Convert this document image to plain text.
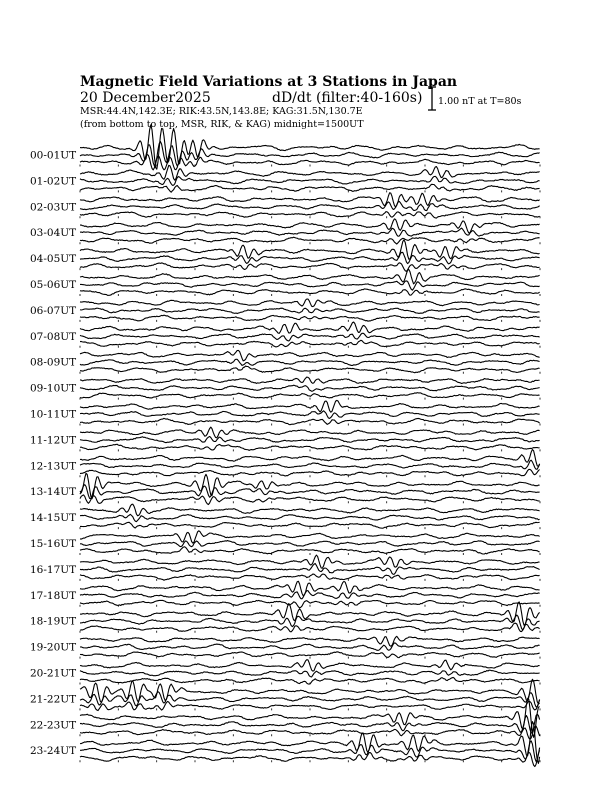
Magnetic Field Variations at 3 Stations in Japan
20 December2025	dD/dt (filter:40-160s)
MSR:44.4N,142.3E; RIK:43.5N,143.8E; KAG:31.5N,130.7E
(from bottom to top, MSR, RIK, & KAG) midnight=1500UT
1.00 nT at T=80s
00-01UT
01-02UT
02-03UT
03-04UT
04-05UT
05-06UT
06-07UT
07-08UT
08-09UT
09-10UT
10-11UT
11-12UT
12-13UT
13-14UT
14-15UT
15-16UT
16-17UT
17-18UT
18-19UT
19-20UT
20-21UT
21-22UT
22-23UT
23-24UT
